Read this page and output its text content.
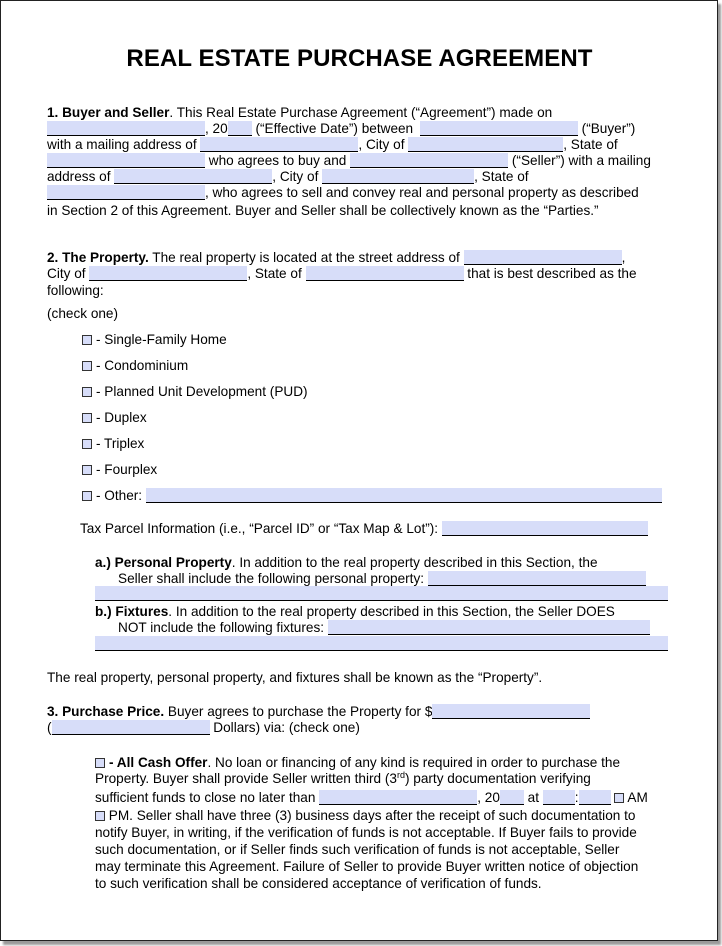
REAL ESTATE PURCHASE AGREEMENT
1. Buyer and Seller. This Real Estate Purchase Agreement (“Agreement”) made on
, 20 (“Effective Date”) between	(“Buyer”)
with a mailing address of	, City of	, State of
who agrees to buy and	(“Seller”) with a mailing
address of	, City of	, State of
, who agrees to sell and convey real and personal property as described
in Section 2 of this Agreement. Buyer and Seller shall be collectively known as the “Parties.”
2. The Property. The real property is located at the street address of	,
City of	, State of	that is best described as the
following:
(check one)
- Single-Family Home
- Condominium
- Planned Unit Development (PUD)
- Duplex
- Triplex
- Fourplex
- Other:
Tax Parcel Information (i.e., “Parcel ID” or “Tax Map & Lot”):
a.) Personal Property. In addition to the real property described in this Section, the
Seller shall include the following personal property:
b.) Fixtures. In addition to the real property described in this Section, the Seller DOES
NOT include the following fixtures:
The real property, personal property, and fixtures shall be known as the “Property”.
3. Purchase Price. Buyer agrees to purchase the Property for $
(	Dollars) via: (check one)
- All Cash Offer. No loan or financing of any kind is required in order to purchase the
Property. Buyer shall provide Seller written third (3rd) party documentation verifying
sufficient funds to close no later than	, 20 at	:	AM
PM. Seller shall have three (3) business days after the receipt of such documentation to
notify Buyer, in writing, if the verification of funds is not acceptable. If Buyer fails to provide
such documentation, or if Seller finds such verification of funds is not acceptable, Seller
may terminate this Agreement. Failure of Seller to provide Buyer written notice of objection
to such verification shall be considered acceptance of verification of funds.
